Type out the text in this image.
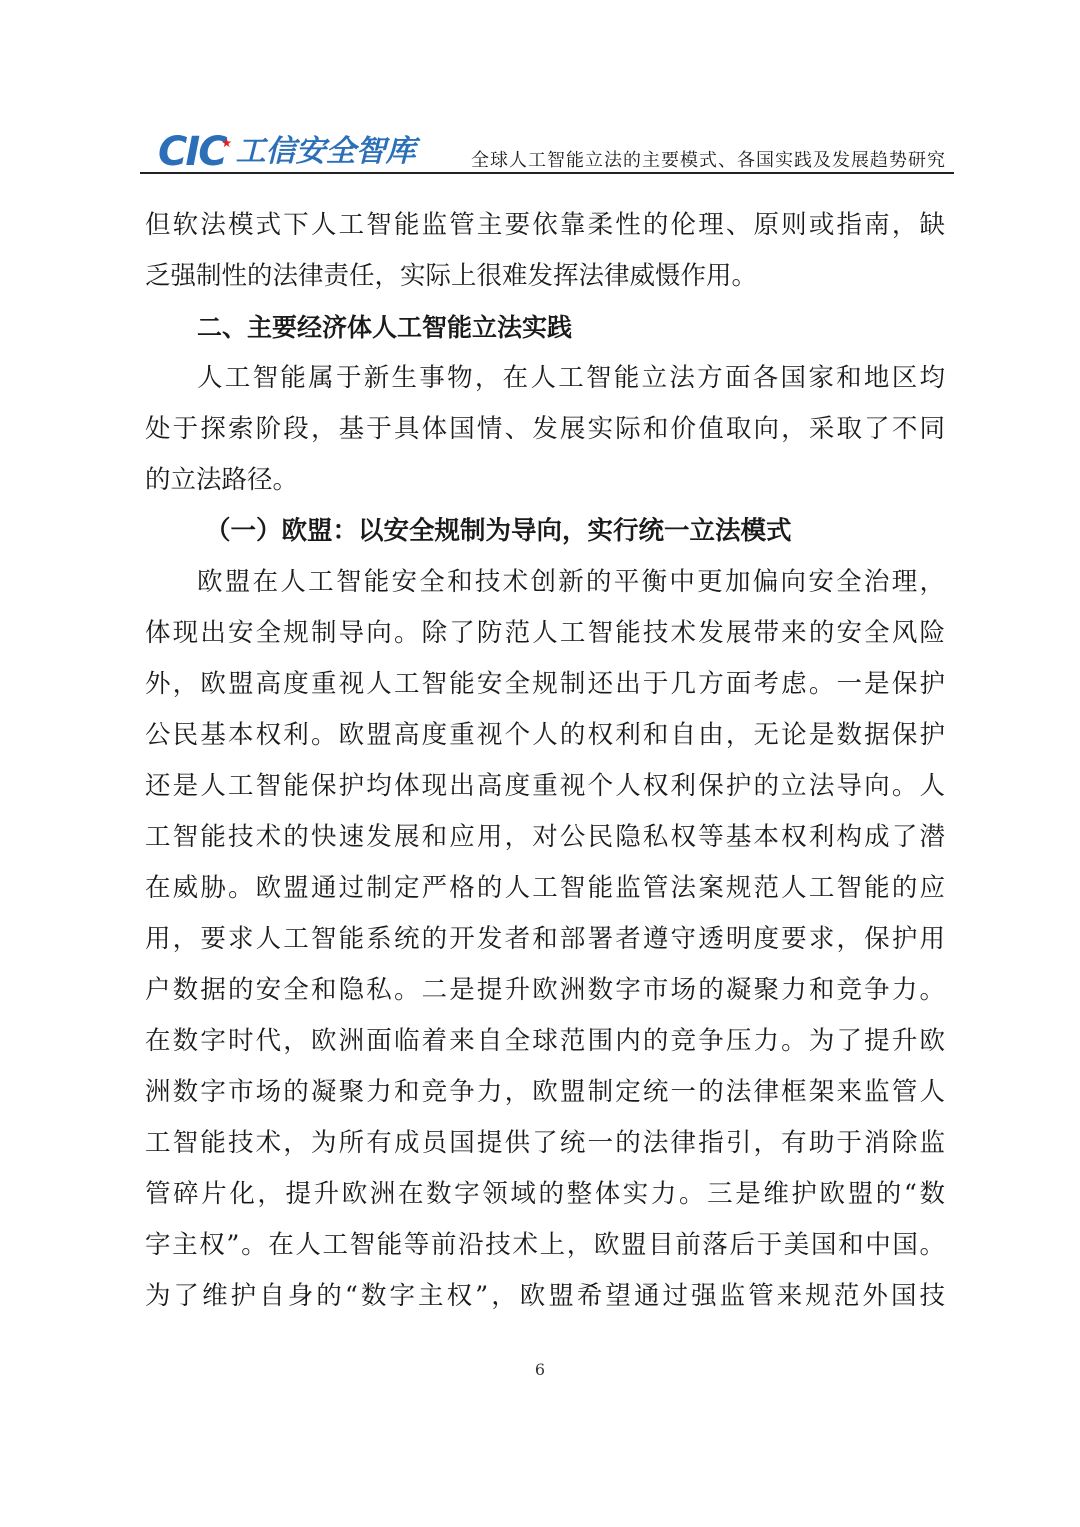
CIC 工信安全智库	全球人工智能立法的主要模式、各国实践及发展趋势研究
但软法模式下人工智能监管主要依靠柔性的伦理、原则或指南，缺
乏强制性的法律责任，实际上很难发挥法律威慑作用。
二、主要经济体人工智能立法实践
人工智能属于新生事物，在人工智能立法方面各国家和地区均
处于探索阶段，基于具体国情、发展实际和价值取向，采取了不同
的立法路径。
（一）欧盟：以安全规制为导向，实行统一立法模式
欧盟在人工智能安全和技术创新的平衡中更加偏向安全治理，
体现出安全规制导向。除了防范人工智能技术发展带来的安全风险
外，欧盟高度重视人工智能安全规制还出于几方面考虑。一是保护
公民基本权利。欧盟高度重视个人的权利和自由，无论是数据保护
还是人工智能保护均体现出高度重视个人权利保护的立法导向。人
工智能技术的快速发展和应用，对公民隐私权等基本权利构成了潜
在威胁。欧盟通过制定严格的人工智能监管法案规范人工智能的应
用，要求人工智能系统的开发者和部署者遵守透明度要求，保护用
户数据的安全和隐私。二是提升欧洲数字市场的凝聚力和竞争力。
在数字时代，欧洲面临着来自全球范围内的竞争压力。为了提升欧
洲数字市场的凝聚力和竞争力，欧盟制定统一的法律框架来监管人
工智能技术，为所有成员国提供了统一的法律指引，有助于消除监
管碎片化，提升欧洲在数字领域的整体实力。三是维护欧盟的“数
字主权”。在人工智能等前沿技术上，欧盟目前落后于美国和中国。
为了维护自身的“数字主权”，欧盟希望通过强监管来规范外国技
6
